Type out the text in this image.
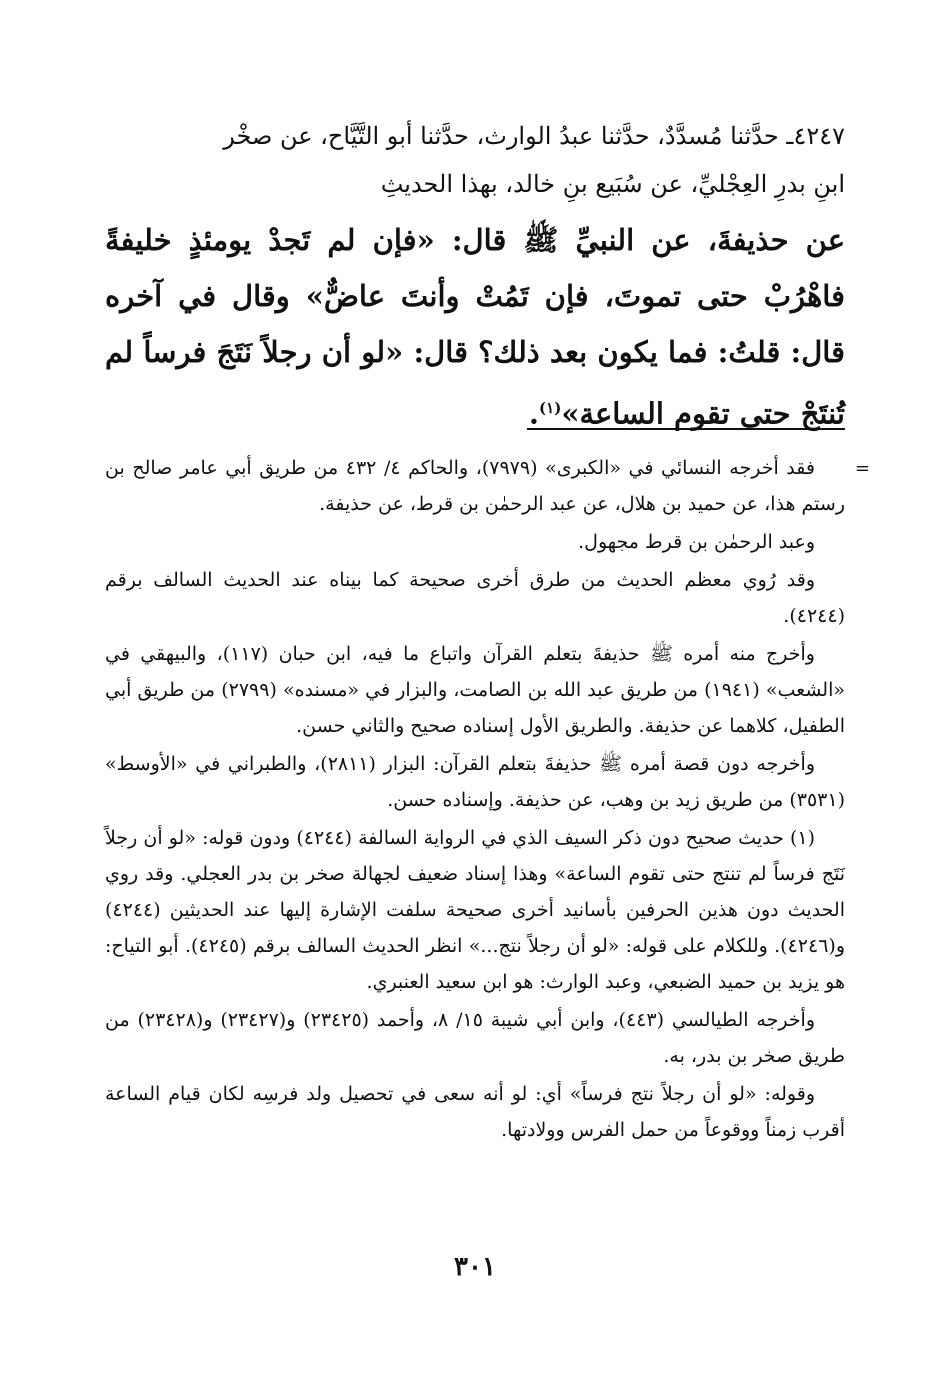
٤٢٤٧ـ حدَّثنا مُسدَّدٌ، حدَّثنا عبدُ الوارث، حدَّثنا أبو التَّيَّاح، عن صخْر
ابنِ بدرِ العِجْليِّ، عن سُبَيع بنِ خالد، بهذا الحديثِ

عن حذيفةَ، عن النبيِّ ﷺ قال: «فإن لم تَجدْ يومئذٍ خليفةً فاهْرُبْ حتى تموتَ، فإن تَمُتْ وأنتَ عاضٌّ» وقال في آخره قال: قلتُ: فما يكون بعد ذلك؟ قال: «لو أن رجلاً نَتَجَ فرساً لم تُنتَجْ حتى تقوم الساعة»$^{(١)}$.

=

فقد أخرجه النسائي في «الكبرى» (٧٩٧٩)، والحاكم ٤/ ٤٣٢ من طريق أبي عامر صالح بن رستم هذا، عن حميد بن هلال، عن عبد الرحمٰن بن قرط، عن حذيفة.

وعبد الرحمٰن بن قرط مجهول.

وقد رُوي معظم الحديث من طرق أخرى صحيحة كما بيناه عند الحديث السالف برقم (٤٢٤٤).

وأخرج منه أمره ﷺ حذيفةَ بتعلم القرآن واتباع ما فيه، ابن حبان (١١٧)، والبيهقي في «الشعب» (١٩٤١) من طريق عبد الله بن الصامت، والبزار في «مسنده» (٢٧٩٩) من طريق أبي الطفيل، كلاهما عن حذيفة. والطريق الأول إسناده صحيح والثاني حسن.

وأخرجه دون قصة أمره ﷺ حذيفةَ بتعلم القرآن: البزار (٢٨١١)، والطبراني في «الأوسط» (٣٥٣١) من طريق زيد بن وهب، عن حذيفة. وإسناده حسن.

(١) حديث صحيح دون ذكر السيف الذي في الرواية السالفة (٤٢٤٤) ودون قوله: «لو أن رجلاً نَتَج فرساً لم تنتج حتى تقوم الساعة» وهذا إسناد ضعيف لجهالة صخر بن بدر العجلي. وقد روي الحديث دون هذين الحرفين بأسانيد أخرى صحيحة سلفت الإشارة إليها عند الحديثين (٤٢٤٤) و(٤٢٤٦). وللكلام على قوله: «لو أن رجلاً نتج...» انظر الحديث السالف برقم (٤٢٤٥). أبو التياح: هو يزيد بن حميد الضبعي، وعبد الوارث: هو ابن سعيد العنبري.

وأخرجه الطيالسي (٤٤٣)، وابن أبي شيبة ١٥/ ٨، وأحمد (٢٣٤٢٥) و(٢٣٤٢٧) و(٢٣٤٢٨) من طريق صخر بن بدر، به.

وقوله: «لو أن رجلاً نتج فرساً» أي: لو أنه سعى في تحصيل ولد فرسِه لكان قيام الساعة أقرب زمناً ووقوعاً من حمل الفرس وولادتها.

٣٠١
